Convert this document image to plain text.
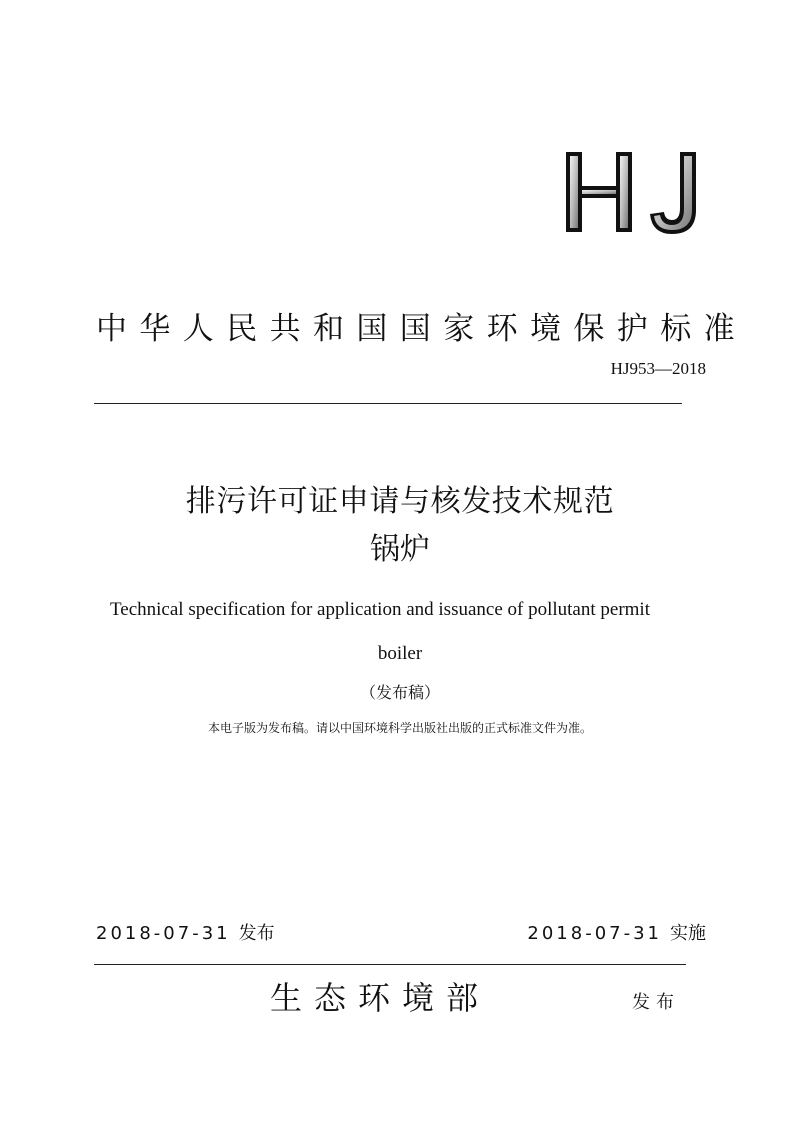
中华人民共和国国家环境保护标准
HJ953—2018
排污许可证申请与核发技术规范
锅炉
Technical specification for application and issuance of pollutant permit
boiler
（发布稿）
本电子版为发布稿。请以中国环境科学出版社出版的正式标准文件为准。
2018-07-31 发布	2018-07-31 实施
生态环境部	发布
